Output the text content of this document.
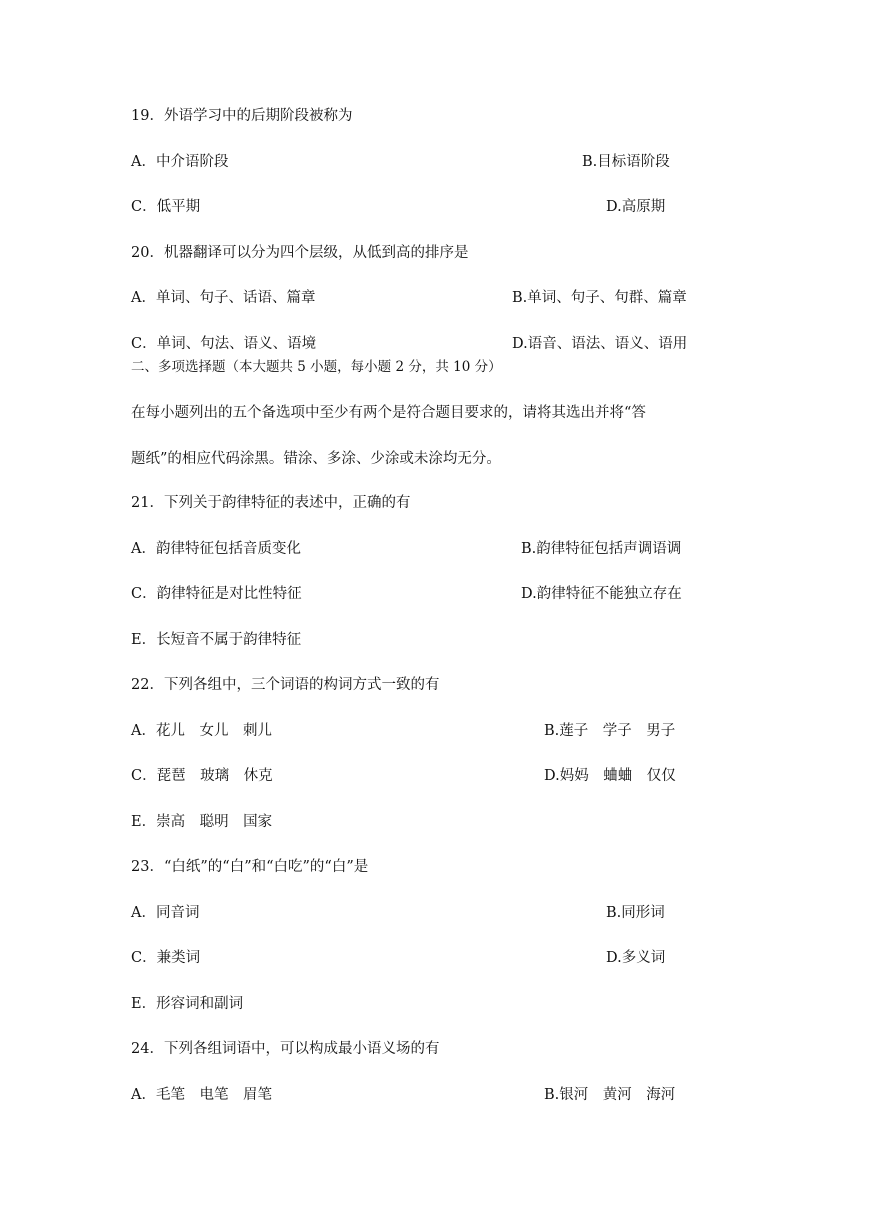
19．外语学习中的后期阶段被称为
A．中介语阶段	B.目标语阶段
C．低平期	D.高原期
20．机器翻译可以分为四个层级，从低到高的排序是
A．单词、句子、话语、篇章	B.单词、句子、句群、篇章
C．单词、句法、语义、语境	D.语音、语法、语义、语用
二、多项选择题（本大题共 5 小题，每小题 2 分，共 10 分）
在每小题列出的五个备选项中至少有两个是符合题目要求的，请将其选出并将“答
题纸”的相应代码涂黑。错涂、多涂、少涂或未涂均无分。
21．下列关于韵律特征的表述中，正确的有
A．韵律特征包括音质变化	B.韵律特征包括声调语调
C．韵律特征是对比性特征	D.韵律特征不能独立存在
E．长短音不属于韵律特征
22．下列各组中，三个词语的构词方式一致的有
A．花儿　女儿　刺儿	B.莲子　学子　男子
C．琵琶　玻璃　休克	D.妈妈　蛐蛐　仅仅
E．崇高　聪明　国家
23．“白纸”的“白”和“白吃”的“白”是
A．同音词	B.同形词
C．兼类词	D.多义词
E．形容词和副词
24．下列各组词语中，可以构成最小语义场的有
A．毛笔　电笔　眉笔	B.银河　黄河　海河
